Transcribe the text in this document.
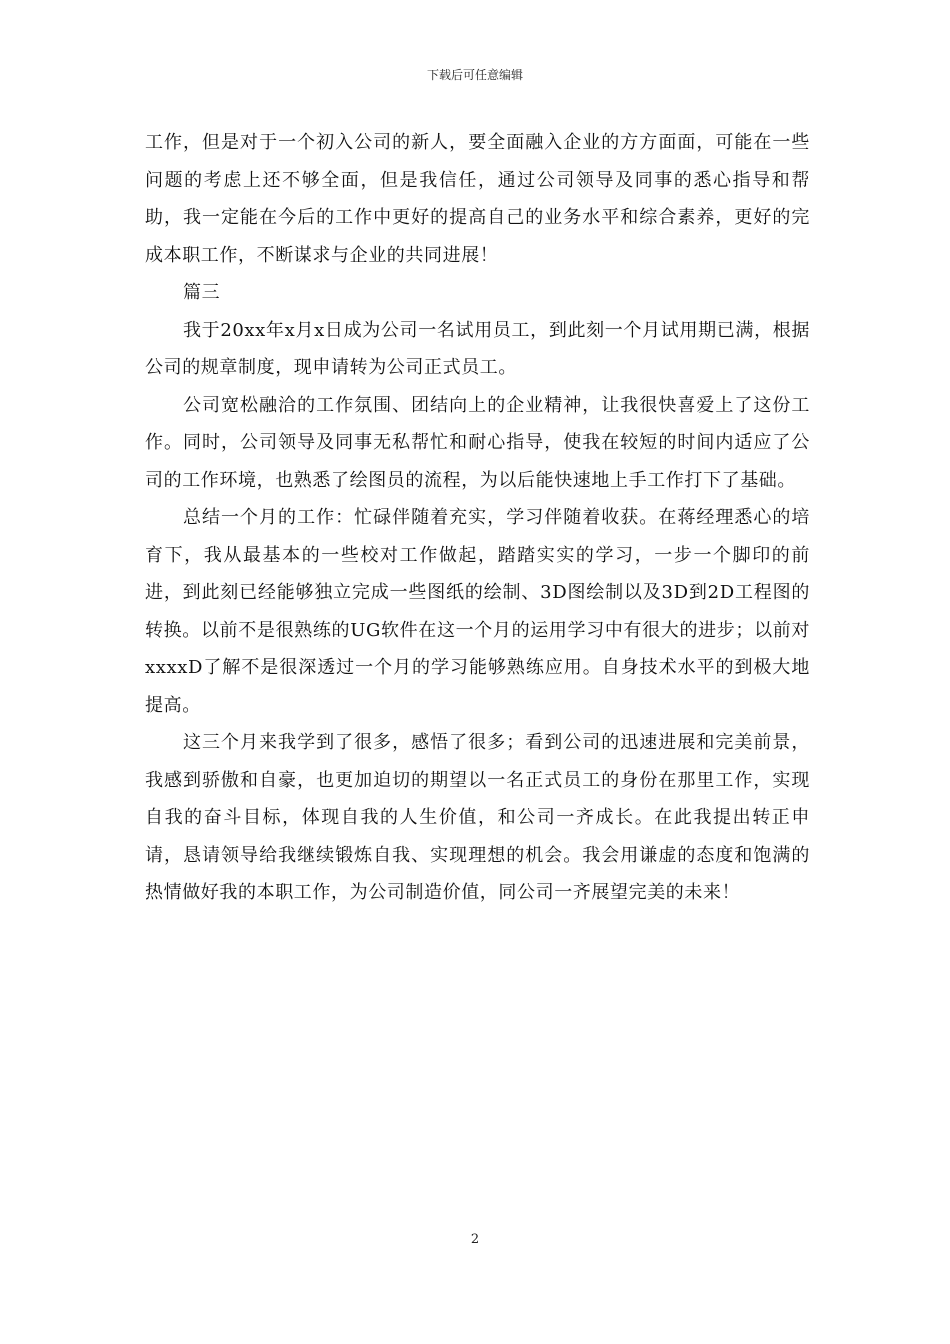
下载后可任意编辑

工作，但是对于一个初入公司的新人，要全面融入企业的方方面面，可能在一些问题的考虑上还不够全面，但是我信任，通过公司领导及同事的悉心指导和帮助，我一定能在今后的工作中更好的提高自己的业务水平和综合素养，更好的完成本职工作，不断谋求与企业的共同进展！

篇三

我于20xx年x月x日成为公司一名试用员工，到此刻一个月试用期已满，根据公司的规章制度，现申请转为公司正式员工。

公司宽松融洽的工作氛围、团结向上的企业精神，让我很快喜爱上了这份工作。同时，公司领导及同事无私帮忙和耐心指导，使我在较短的时间内适应了公司的工作环境，也熟悉了绘图员的流程，为以后能快速地上手工作打下了基础。

总结一个月的工作：忙碌伴随着充实，学习伴随着收获。在蒋经理悉心的培育下，我从最基本的一些校对工作做起，踏踏实实的学习，一步一个脚印的前进，到此刻已经能够独立完成一些图纸的绘制、3D图绘制以及3D到2D工程图的转换。以前不是很熟练的UG软件在这一个月的运用学习中有很大的进步；以前对xxxxD了解不是很深透过一个月的学习能够熟练应用。自身技术水平的到极大地提高。

这三个月来我学到了很多，感悟了很多；看到公司的迅速进展和完美前景，我感到骄傲和自豪，也更加迫切的期望以一名正式员工的身份在那里工作，实现自我的奋斗目标，体现自我的人生价值，和公司一齐成长。在此我提出转正申请，恳请领导给我继续锻炼自我、实现理想的机会。我会用谦虚的态度和饱满的热情做好我的本职工作，为公司制造价值，同公司一齐展望完美的未来！

2
